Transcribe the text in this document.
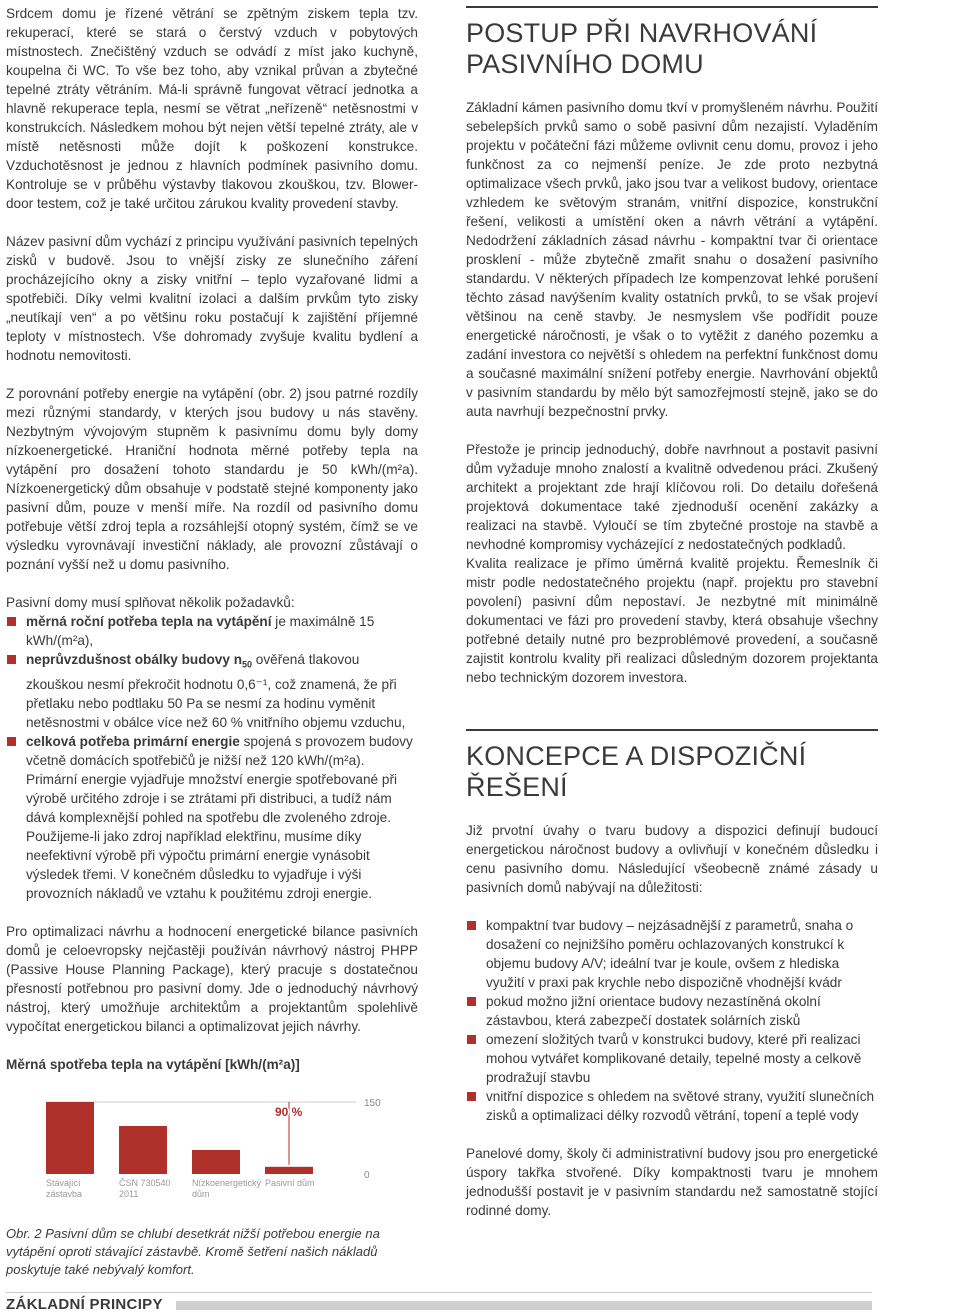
Srdcem domu je řízené větrání se zpětným ziskem tepla tzv. rekuperací, které se stará o čerstvý vzduch v pobytových místnostech. Znečištěný vzduch se odvádí z míst jako kuchyně, koupelna či WC. To vše bez toho, aby vznikal průvan a zbytečné tepelné ztráty větráním. Má-li správně fungovat větrací jednotka a hlavně rekuperace tepla, nesmí se větrat „neřízeně“ netěsnostmi v konstrukcích. Následkem mohou být nejen větší tepelné ztráty, ale v místě netěsnosti může dojít k poškození konstrukce. Vzduchotěsnost je jednou z hlavních podmínek pasivního domu. Kontroluje se v průběhu výstavby tlakovou zkouškou, tzv. Blower-door testem, což je také určitou zárukou kvality provedení stavby.

Název pasivní dům vychází z principu využívání pasivních tepelných zisků v budově. Jsou to vnější zisky ze slunečního záření procházejícího okny a zisky vnitřní – teplo vyzařované lidmi a spotřebiči. Díky velmi kvalitní izolaci a dalším prvkům tyto zisky „neutíkají ven“ a po většinu roku postačují k zajištění příjemné teploty v místnostech. Vše dohromady zvyšuje kvalitu bydlení a hodnotu nemovitosti.

Z porovnání potřeby energie na vytápění (obr. 2) jsou patrné rozdíly mezi různými standardy, v kterých jsou budovy u nás stavěny. Nezbytným vývojovým stupněm k pasivnímu domu byly domy nízkoenergetické. Hraniční hodnota měrné potřeby tepla na vytápění pro dosažení tohoto standardu je 50 kWh/(m²a). Nízkoenergetický dům obsahuje v podstatě stejné komponenty jako pasivní dům, pouze v menší míře. Na rozdíl od pasivního domu potřebuje větší zdroj tepla a rozsáhlejší otopný systém, čímž se ve výsledku vyrovnávají investiční náklady, ale provozní zůstávají o poznání vyšší než u domu pasivního.

Pasivní domy musí splňovat několik požadavků:

měrná roční potřeba tepla na vytápění je maximálně 15 kWh/(m²a),
neprůvzdušnost obálky budovy $n_{50}$ ověřená tlakovou zkouškou nesmí překročit hodnotu 0,6⁻¹, což znamená, že při přetlaku nebo podtlaku 50 Pa se nesmí za hodinu vyměnit netěsnostmi v obálce více než 60 % vnitřního objemu vzduchu,
celková potřeba primární energie spojená s provozem budovy včetně domácích spotřebičů je nižší než 120 kWh/(m²a). Primární energie vyjadřuje množství energie spotřebované při výrobě určitého zdroje i se ztrátami při distribuci, a tudíž nám dává komplexnější pohled na spotřebu dle zvoleného zdroje. Použijeme-li jako zdroj například elektřinu, musíme díky neefektivní výrobě při výpočtu primární energie vynásobit výsledek třemi. V konečném důsledku to vyjadřuje i výši provozních nákladů ve vztahu k použitému zdroji energie.

Pro optimalizaci návrhu a hodnocení energetické bilance pasivních domů je celoevropsky nejčastěji používán návrhový nástroj PHPP (Passive House Planning Package), který pracuje s dostatečnou přesností potřebnou pro pasivní domy. Jde o jednoduchý návrhový nástroj, který umožňuje architektům a projektantům spolehlivě vypočítat energetickou bilanci a optimalizovat jejich návrhy.

Měrná spotřeba tepla na vytápění [kWh/(m²a)]
150
0
Stávající
zástavba
ČSN 730540
2011
Nízkoenergetický
dům
Pasivní dům
90 %

Obr. 2 Pasivní dům se chlubí desetkrát nižší potřebou energie na vytápění oproti stávající zástavbě. Kromě šetření našich nákladů poskytuje také nebývalý komfort.

POSTUP PŘI NAVRHOVÁNÍ PASIVNÍHO DOMU

Základní kámen pasivního domu tkví v promyšleném návrhu. Použití sebelepších prvků samo o sobě pasivní dům nezajistí. Vyladěním projektu v počáteční fázi můžeme ovlivnit cenu domu, provoz i jeho funkčnost za co nejmenší peníze. Je zde proto nezbytná optimalizace všech prvků, jako jsou tvar a velikost budovy, orientace vzhledem ke světovým stranám, vnitřní dispozice, konstrukční řešení, velikosti a umístění oken a návrh větrání a vytápění. Nedodržení základních zásad návrhu - kompaktní tvar či orientace prosklení - může zbytečně zmařit snahu o dosažení pasivního standardu. V některých případech lze kompenzovat lehké porušení těchto zásad navýšením kvality ostatních prvků, to se však projeví většinou na ceně stavby. Je nesmyslem vše podřídit pouze energetické náročnosti, je však o to vytěžit z daného pozemku a zadání investora co největší s ohledem na perfektní funkčnost domu a současné maximální snížení potřeby energie. Navrhování objektů v pasivním standardu by mělo být samozřejmostí stejně, jako se do auta navrhují bezpečnostní prvky.

Přestože je princip jednoduchý, dobře navrhnout a postavit pasivní dům vyžaduje mnoho znalostí a kvalitně odvedenou práci. Zkušený architekt a projektant zde hrají klíčovou roli. Do detailu dořešená projektová dokumentace také zjednoduší ocenění zakázky a realizaci na stavbě. Vyloučí se tím zbytečné prostoje na stavbě a nevhodné kompromisy vycházející z nedostatečných podkladů.

Kvalita realizace je přímo úměrná kvalitě projektu. Řemeslník či mistr podle nedostatečného projektu (např. projektu pro stavební povolení) pasivní dům nepostaví. Je nezbytné mít minimálně dokumentaci ve fázi pro provedení stavby, která obsahuje všechny potřebné detaily nutné pro bezproblémové provedení, a současně zajistit kontrolu kvality při realizaci důsledným dozorem projektanta nebo technickým dozorem investora.

KONCEPCE A DISPOZIČNÍ ŘEŠENÍ

Již prvotní úvahy o tvaru budovy a dispozici definují budoucí energetickou náročnost budovy a ovlivňují v konečném důsledku i cenu pasivního domu. Následující všeobecně známé zásady u pasivních domů nabývají na důležitosti:

kompaktní tvar budovy – nejzásadnější z parametrů, snaha o dosažení co nejnižšího poměru ochlazovaných konstrukcí k objemu budovy A/V; ideální tvar je koule, ovšem z hlediska využití v praxi pak krychle nebo dispozičně vhodnější kvádr
pokud možno jižní orientace budovy nezastíněná okolní zástavbou, která zabezpečí dostatek solárních zisků
omezení složitých tvarů v konstrukci budovy, které při realizaci mohou vytvářet komplikované detaily, tepelné mosty a celkově prodražují stavbu
vnitřní dispozice s ohledem na světové strany, využití slunečních zisků a optimalizaci délky rozvodů větrání, topení a teplé vody

Panelové domy, školy či administrativní budovy jsou pro energetické úspory takřka stvořené. Díky kompaktnosti tvaru je mnohem jednodušší postavit je v pasivním standardu než samostatně stojící rodinné domy.

ZÁKLADNÍ PRINCIPY
